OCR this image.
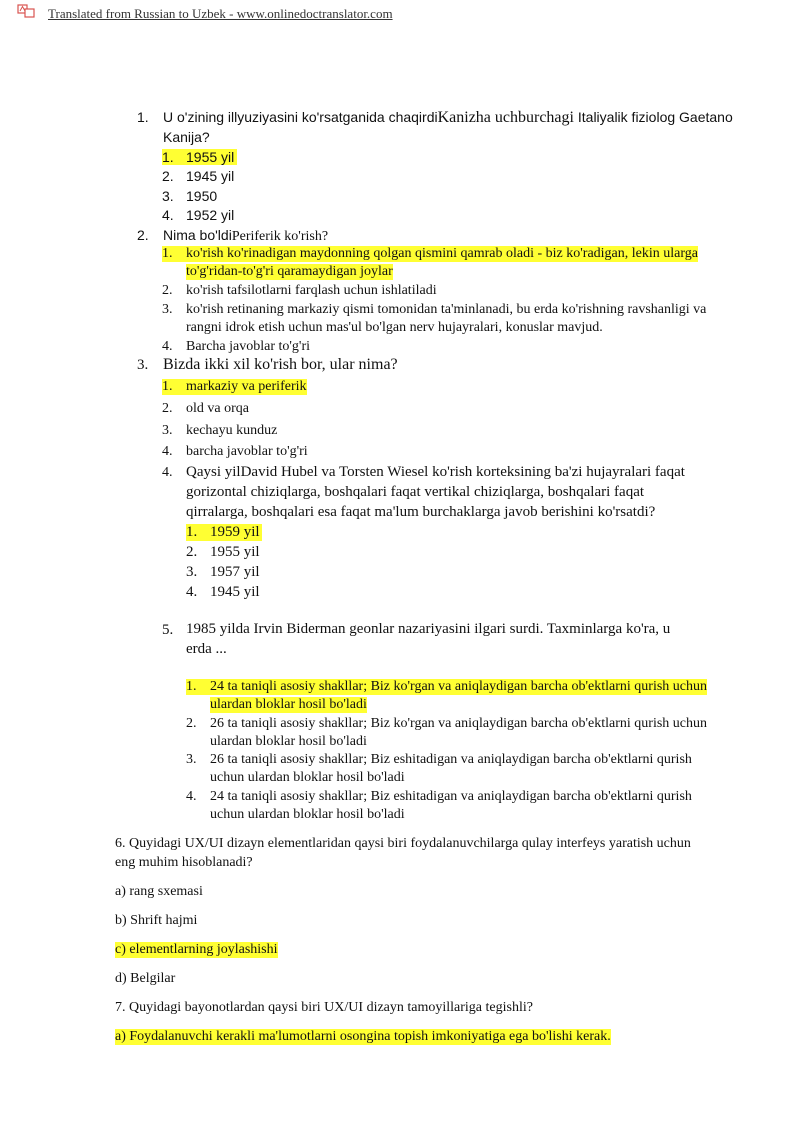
Translated from Russian to Uzbek - www.onlinedoctranslator.com
1. U o'zining illyuziyasini ko'rsatganida chaqirdiKanizha uchburchagi Italiyalik fiziolog Gaetano
Kanija?
1. 1955 yil
2. 1945 yil
3. 1950
4. 1952 yil
2. Nima bo'ldiPeriferik ko'rish?
1. ko'rish ko'rinadigan maydonning qolgan qismini qamrab oladi - biz ko'radigan, lekin ularga
to'g'ridan-to'g'ri qaramaydigan joylar
2. ko'rish tafsilotlarni farqlash uchun ishlatiladi
3. ko'rish retinaning markaziy qismi tomonidan ta'minlanadi, bu erda ko'rishning ravshanligi va
rangni idrok etish uchun mas'ul bo'lgan nerv hujayralari, konuslar mavjud.
4. Barcha javoblar to'g'ri
3. Bizda ikki xil ko'rish bor, ular nima?
1. markaziy va periferik
2. old va orqa
3. kechayu kunduz
4. barcha javoblar to'g'ri
4. Qaysi yilDavid Hubel va Torsten Wiesel ko'rish korteksining ba'zi hujayralari faqat
gorizontal chiziqlarga, boshqalari faqat vertikal chiziqlarga, boshqalari faqat
qirralarga, boshqalari esa faqat ma'lum burchaklarga javob berishini ko'rsatdi?
1. 1959 yil
2. 1955 yil
3. 1957 yil
4. 1945 yil
5. 1985 yilda Irvin Biderman geonlar nazariyasini ilgari surdi. Taxminlarga ko'ra, u
erda ...
1. 24 ta taniqli asosiy shakllar; Biz ko'rgan va aniqlaydigan barcha ob'ektlarni qurish uchun
ulardan bloklar hosil bo'ladi
2. 26 ta taniqli asosiy shakllar; Biz ko'rgan va aniqlaydigan barcha ob'ektlarni qurish uchun
ulardan bloklar hosil bo'ladi
3. 26 ta taniqli asosiy shakllar; Biz eshitadigan va aniqlaydigan barcha ob'ektlarni qurish
uchun ulardan bloklar hosil bo'ladi
4. 24 ta taniqli asosiy shakllar; Biz eshitadigan va aniqlaydigan barcha ob'ektlarni qurish
uchun ulardan bloklar hosil bo'ladi
6. Quyidagi UX/UI dizayn elementlaridan qaysi biri foydalanuvchilarga qulay interfeys yaratish uchun
eng muhim hisoblanadi?
a) rang sxemasi
b) Shrift hajmi
c) elementlarning joylashishi
d) Belgilar
7. Quyidagi bayonotlardan qaysi biri UX/UI dizayn tamoyillariga tegishli?
a) Foydalanuvchi kerakli ma'lumotlarni osongina topish imkoniyatiga ega bo'lishi kerak.
